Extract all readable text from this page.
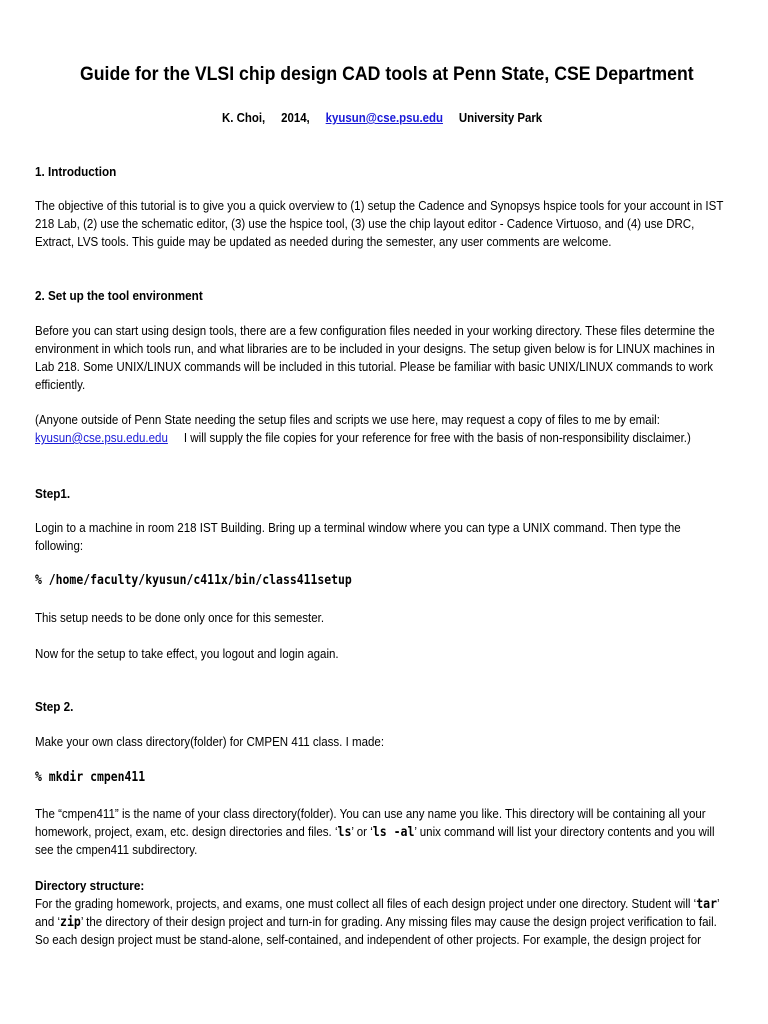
Guide for the VLSI chip design CAD tools at Penn State, CSE Department
K. Choi, 2014, kyusun@cse.psu.edu University Park
1. Introduction
The objective of this tutorial is to give you a quick overview to (1) setup the Cadence and Synopsys hspice tools for your account in IST
218 Lab, (2) use the schematic editor, (3) use the hspice tool, (3) use the chip layout editor - Cadence Virtuoso, and (4) use DRC,
Extract, LVS tools. This guide may be updated as needed during the semester, any user comments are welcome.
2. Set up the tool environment
Before you can start using design tools, there are a few configuration files needed in your working directory. These files determine the
environment in which tools run, and what libraries are to be included in your designs. The setup given below is for LINUX machines in
Lab 218. Some UNIX/LINUX commands will be included in this tutorial. Please be familiar with basic UNIX/LINUX commands to work
efficiently.
(Anyone outside of Penn State needing the setup files and scripts we use here, may request a copy of files to me by email:
kyusun@cse.psu.edu.edu I will supply the file copies for your reference for free with the basis of non-responsibility disclaimer.)
Step1.
Login to a machine in room 218 IST Building. Bring up a terminal window where you can type a UNIX command. Then type the
following:
% /home/faculty/kyusun/c411x/bin/class411setup
This setup needs to be done only once for this semester.
Now for the setup to take effect, you logout and login again.
Step 2.
Make your own class directory(folder) for CMPEN 411 class. I made:
% mkdir cmpen411
The “cmpen411” is the name of your class directory(folder). You can use any name you like. This directory will be containing all your
homework, project, exam, etc. design directories and files. ‘ls’ or ‘ls -al’ unix command will list your directory contents and you will
see the cmpen411 subdirectory.
Directory structure:
For the grading homework, projects, and exams, one must collect all files of each design project under one directory. Student will ‘tar’
and ‘zip’ the directory of their design project and turn-in for grading. Any missing files may cause the design project verification to fail.
So each design project must be stand-alone, self-contained, and independent of other projects. For example, the design project for
